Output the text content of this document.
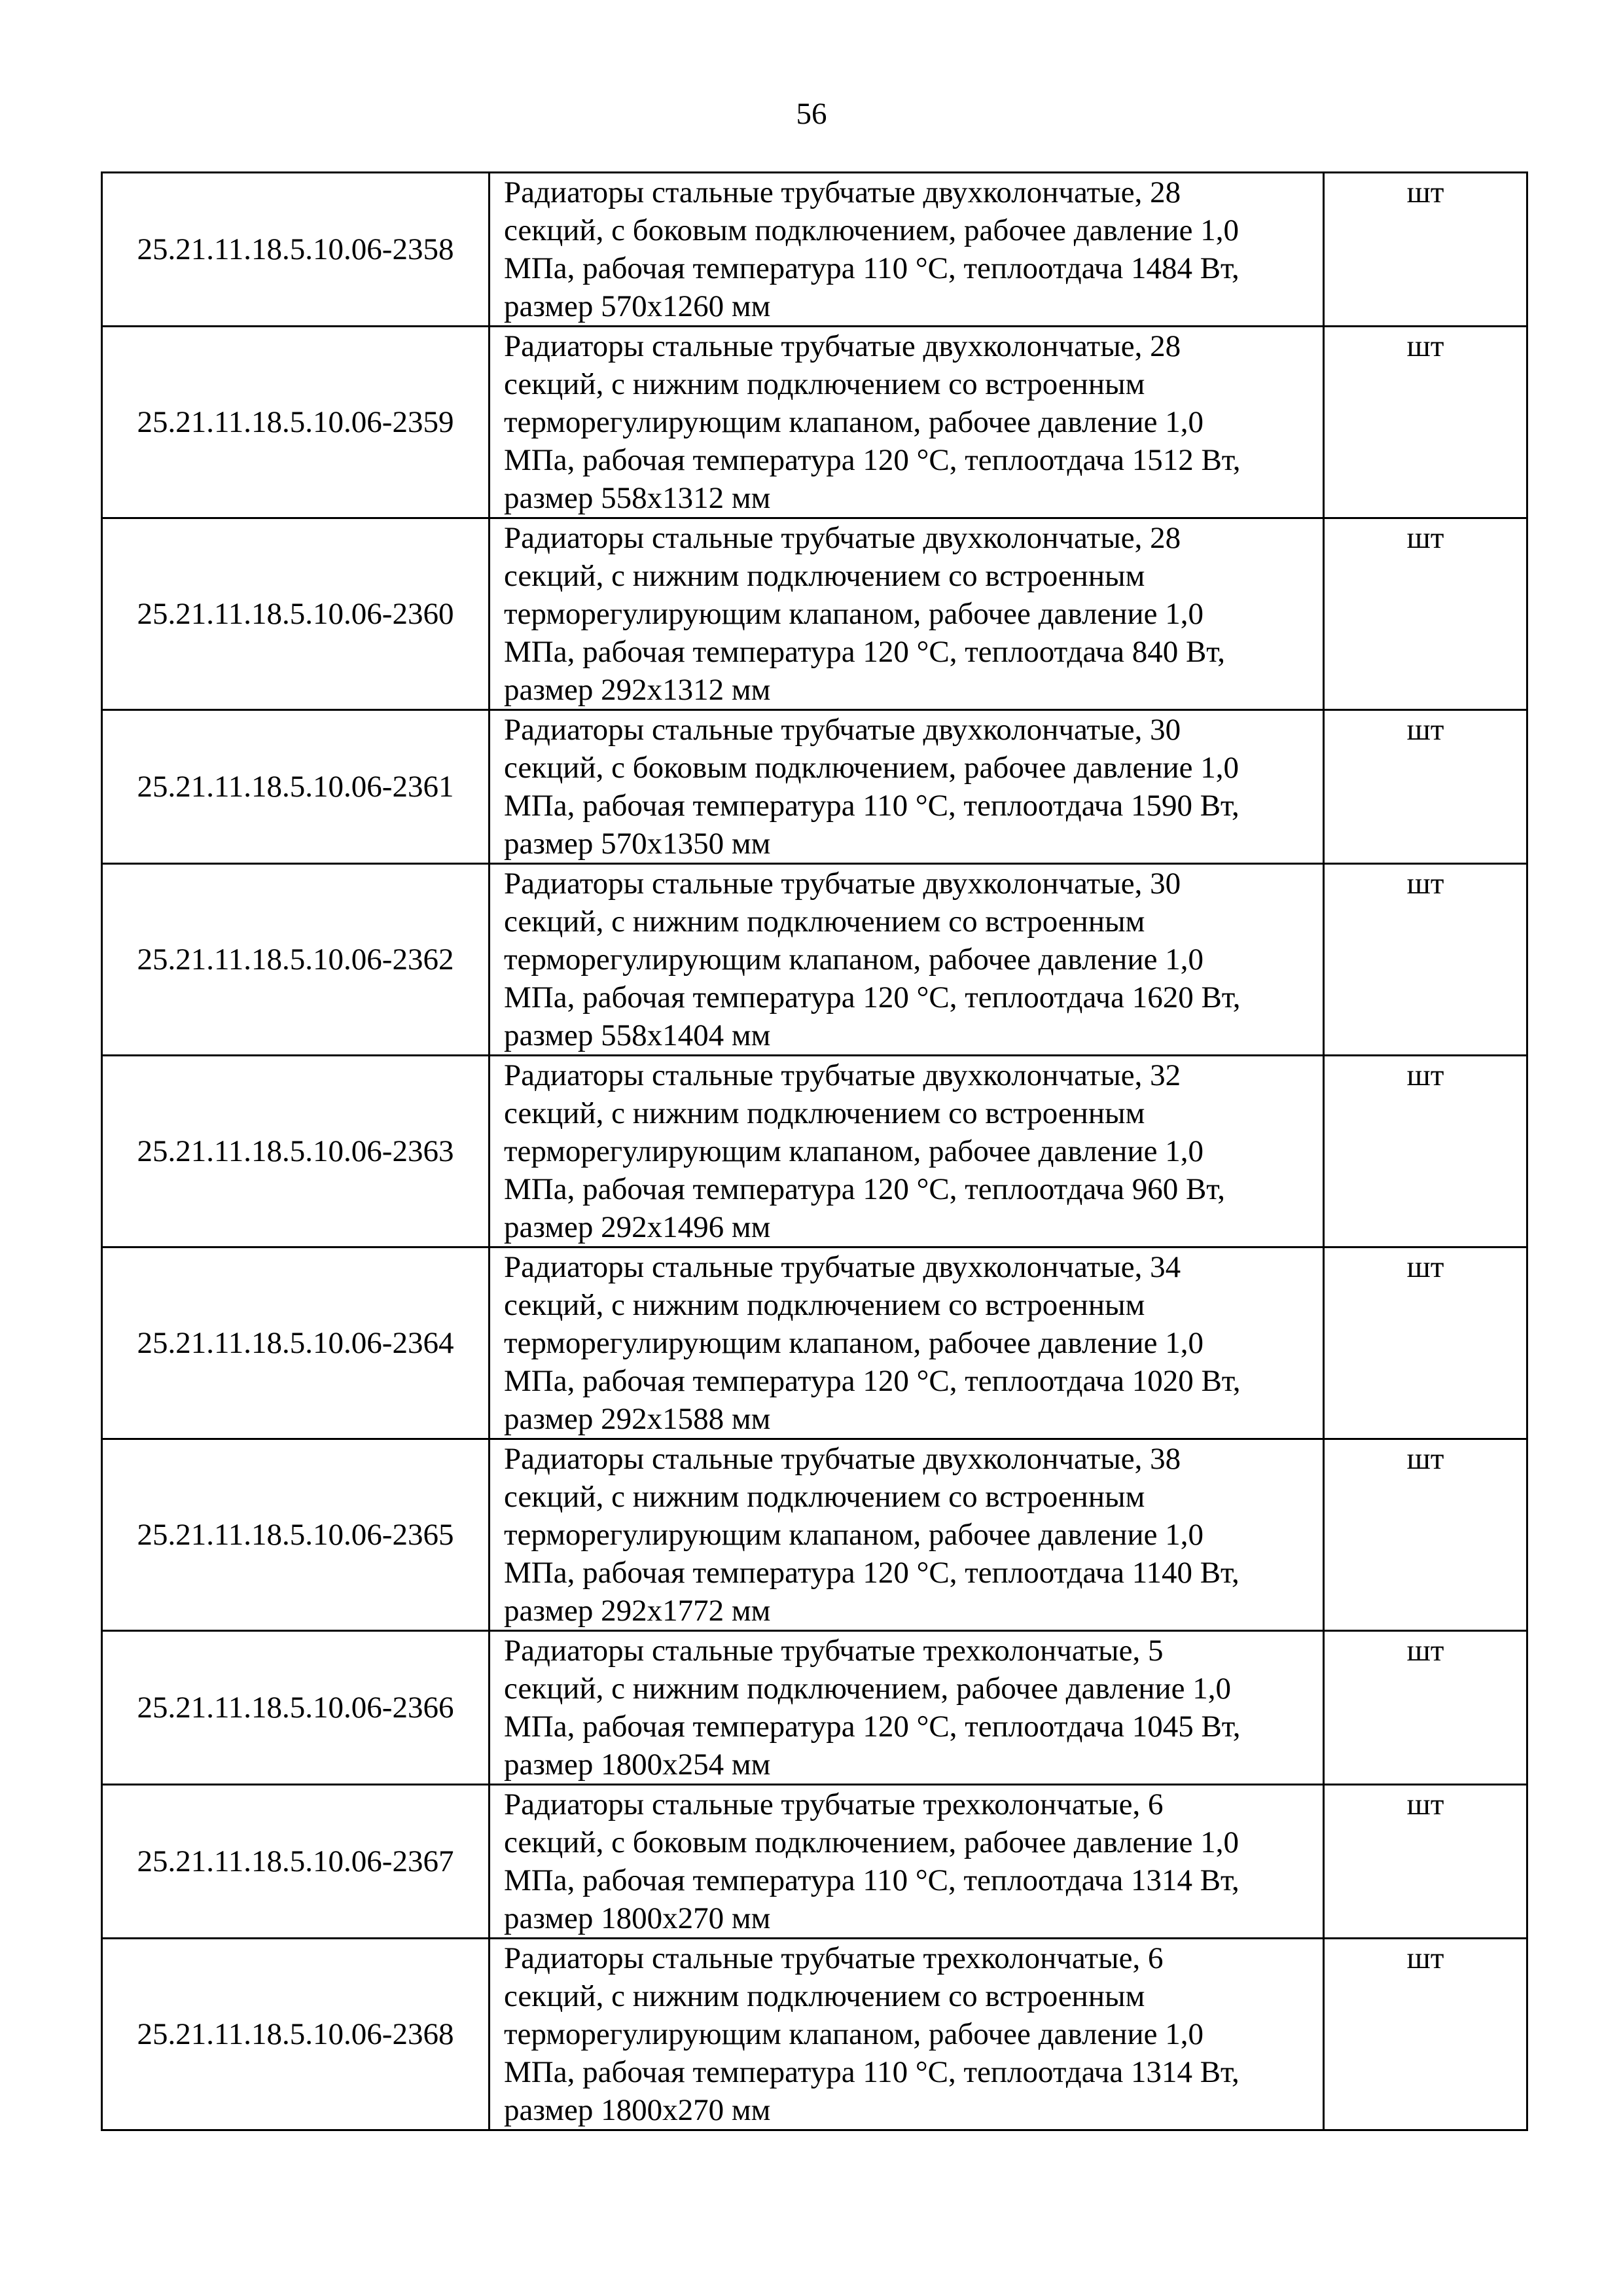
56
25.21.11.18.5.10.06-2358	Радиаторы стальные трубчатые двухколончатые, 28
секций, с боковым подключением, рабочее давление 1,0
МПа, рабочая температура 110 °С, теплоотдача 1484 Вт,
размер 570х1260 мм	шт
25.21.11.18.5.10.06-2359	Радиаторы стальные трубчатые двухколончатые, 28
секций, с нижним подключением со встроенным
терморегулирующим клапаном, рабочее давление 1,0
МПа, рабочая температура 120 °С, теплоотдача 1512 Вт,
размер 558х1312 мм	шт
25.21.11.18.5.10.06-2360	Радиаторы стальные трубчатые двухколончатые, 28
секций, с нижним подключением со встроенным
терморегулирующим клапаном, рабочее давление 1,0
МПа, рабочая температура 120 °С, теплоотдача 840 Вт,
размер 292х1312 мм	шт
25.21.11.18.5.10.06-2361	Радиаторы стальные трубчатые двухколончатые, 30
секций, с боковым подключением, рабочее давление 1,0
МПа, рабочая температура 110 °С, теплоотдача 1590 Вт,
размер 570х1350 мм	шт
25.21.11.18.5.10.06-2362	Радиаторы стальные трубчатые двухколончатые, 30
секций, с нижним подключением со встроенным
терморегулирующим клапаном, рабочее давление 1,0
МПа, рабочая температура 120 °С, теплоотдача 1620 Вт,
размер 558х1404 мм	шт
25.21.11.18.5.10.06-2363	Радиаторы стальные трубчатые двухколончатые, 32
секций, с нижним подключением со встроенным
терморегулирующим клапаном, рабочее давление 1,0
МПа, рабочая температура 120 °С, теплоотдача 960 Вт,
размер 292х1496 мм	шт
25.21.11.18.5.10.06-2364	Радиаторы стальные трубчатые двухколончатые, 34
секций, с нижним подключением со встроенным
терморегулирующим клапаном, рабочее давление 1,0
МПа, рабочая температура 120 °С, теплоотдача 1020 Вт,
размер 292х1588 мм	шт
25.21.11.18.5.10.06-2365	Радиаторы стальные трубчатые двухколончатые, 38
секций, с нижним подключением со встроенным
терморегулирующим клапаном, рабочее давление 1,0
МПа, рабочая температура 120 °С, теплоотдача 1140 Вт,
размер 292х1772 мм	шт
25.21.11.18.5.10.06-2366	Радиаторы стальные трубчатые трехколончатые, 5
секций, с нижним подключением, рабочее давление 1,0
МПа, рабочая температура 120 °С, теплоотдача 1045 Вт,
размер 1800х254 мм	шт
25.21.11.18.5.10.06-2367	Радиаторы стальные трубчатые трехколончатые, 6
секций, с боковым подключением, рабочее давление 1,0
МПа, рабочая температура 110 °С, теплоотдача 1314 Вт,
размер 1800х270 мм	шт
25.21.11.18.5.10.06-2368	Радиаторы стальные трубчатые трехколончатые, 6
секций, с нижним подключением со встроенным
терморегулирующим клапаном, рабочее давление 1,0
МПа, рабочая температура 110 °С, теплоотдача 1314 Вт,
размер 1800х270 мм	шт
